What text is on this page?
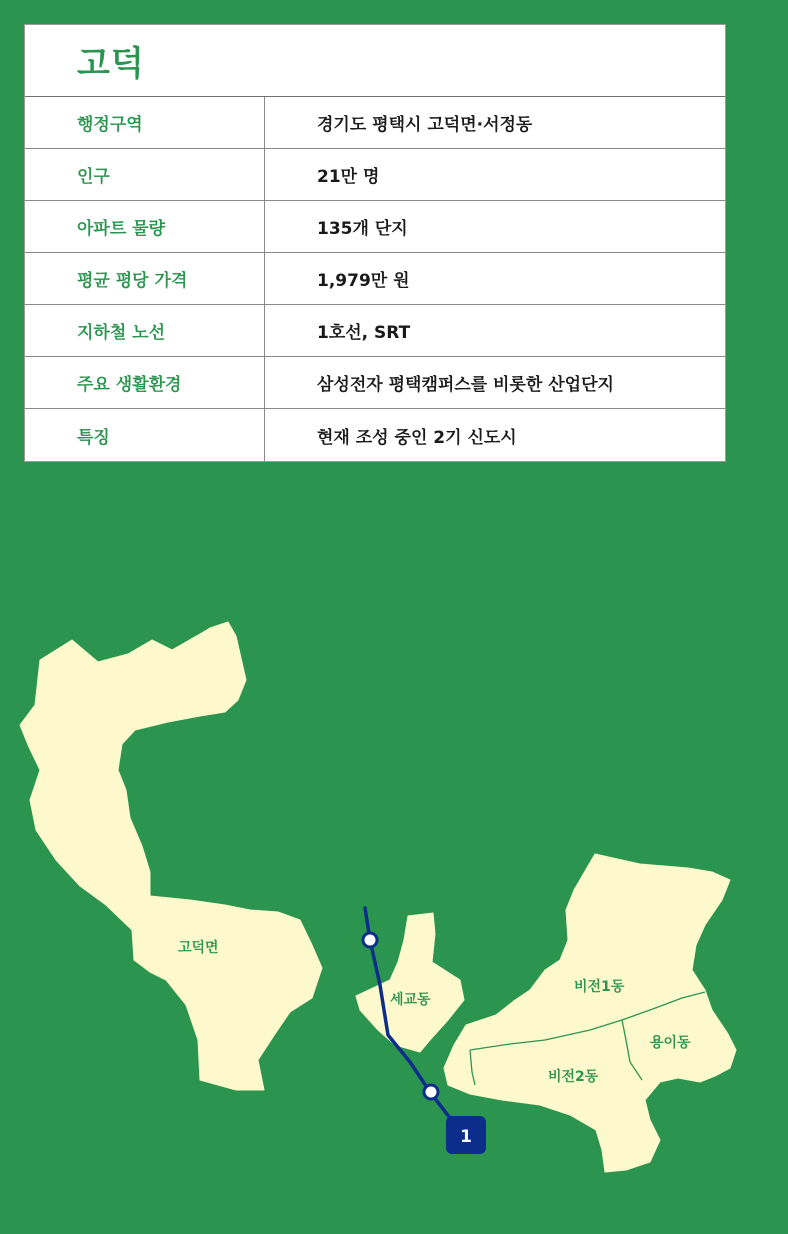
고덕
행정구역	경기도 평택시 고덕면·서정동
인구	21만 명
아파트 물량	135개 단지
평균 평당 가격	1,979만 원
지하철 노선	1호선, SRT
주요 생활환경	삼성전자 평택캠퍼스를 비롯한 산업단지
특징	현재 조성 중인 2기 신도시
고덕면
세교동
비전1동
비전2동
용이동
1
